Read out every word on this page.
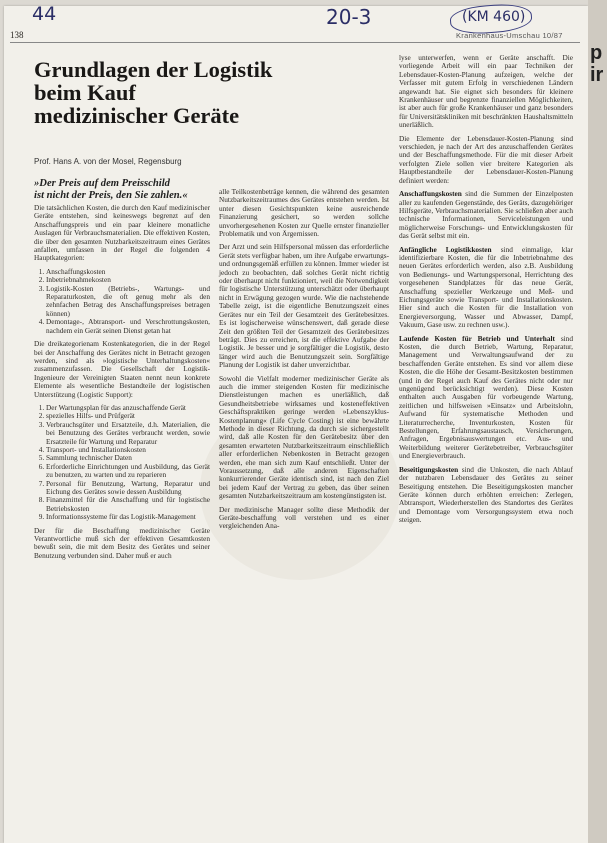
p
ir
44	20-3	(KM 460)
138	Krankenhaus-Umschau 10/87
Grundlagen der Logistik
beim Kauf
medizinischer Geräte
Prof. Hans A. von der Mosel, Regensburg
»Der Preis auf dem Preisschild
ist nicht der Preis, den Sie zahlen.«

Die tatsächlichen Kosten, die durch den Kauf medizinischer Geräte entstehen, sind keineswegs begrenzt auf den Anschaffungspreis und ein paar kleinere monatliche Auslagen für Verbrauchsmaterialien. Die effektiven Kosten, die über den gesamten Nutzbarkeitszeitraum eines Gerätes anfallen, umfassen in der Regel die folgenden 4 Hauptkategorien:

1. Anschaffungskosten
2. Inbetriebnahmekosten
3. Logistik-Kosten (Betriebs-, Wartungs- und Reparaturkosten, die oft genug mehr als den zehnfachen Betrag des Anschaffungspreises betragen können)
4. Demontage-, Abtransport- und Verschrottungskosten, nachdem ein Gerät seinen Dienst getan hat

Die dreikategorienam Kostenkategorien, die in der Regel bei der Anschaffung des Gerätes nicht in Betracht gezogen werden, sind als »logistische Unterhaltungskosten« zusammenzufassen. Die Gesellschaft der Logistik-Ingenieure der Vereinigten Staaten nennt neun konkrete Elemente als wesentliche Bestandteile der logistischen Unterstützung (Logistic Support):

1. Der Wartungsplan für das anzuschaffende Gerät
2. spezielles Hilfs- und Prüfgerät
3. Verbrauchsgüter und Ersatzteile, d.h. Materialien, die bei Benutzung des Gerätes verbraucht werden, sowie Ersatzteile für Wartung und Reparatur
4. Transport- und Installationskosten
5. Sammlung technischer Daten
6. Erforderliche Einrichtungen und Ausbildung, das Gerät zu benutzen, zu warten und zu reparieren
7. Personal für Benutzung, Wartung, Reparatur und Eichung des Gerätes sowie dessen Ausbildung
8. Finanzmittel für die Anschaffung und für logistische Betriebskosten
9. Informationssysteme für das Logistik-Management

Der für die Beschaffung medizinischer Geräte Verantwortliche muß sich der effektiven Gesamtkosten bewußt sein, die mit dem Besitz des Gerätes und seiner Benutzung verbunden sind. Daher muß er auch

alle Teilkostenbeträge kennen, die während des gesamten Nutzbarkeitszeitraumes des Gerätes entstehen werden. Ist unter diesen Gesichtspunkten keine ausreichende Finanzierung gesichert, so werden sollche unvorhergesehenen Kosten zur Quelle ernster finanzieller Problematik und von Ärgernissen.

Der Arzt und sein Hilfspersonal müssen das erforderliche Gerät stets verfügbar haben, um ihre Aufgabe erwartungs- und ordnungsgemäß erfüllen zu können. Immer wieder ist jedoch zu beobachten, daß solches Gerät nicht richtig oder überhaupt nicht funktioniert, weil die Notwendigkeit für logistische Unterstützung unterschätzt oder überhaupt nicht in Erwägung gezogen wurde. Wie die nachstehende Tabelle zeigt, ist die eigentliche Benutzungszeit eines Gerätes nur ein Teil der Gesamtzeit des Gerätebesitzes. Es ist logischerweise wünschenswert, daß gerade diese Zeit den größten Teil der Gesamtzeit des Gerätebesitzes beträgt. Dies zu erreichen, ist die effektive Aufgabe der Logistik. Je besser und je sorgfältiger die Logistik, desto länger wird auch die Benutzungszeit sein. Sorgfältige Planung der Logistik ist daher unverzichtbar.

Sowohl die Vielfalt moderner medizinischer Geräte als auch die immer steigenden Kosten für medizinische Dienstleistungen machen es unerläßlich, daß Gesundheitsbetriebe wirksames und kosteneffektiven Geschäftspraktiken geringe werden »Lebenszyklus-Kostenplanung« (Life Cycle Costing) ist eine bewährte Methode in dieser Richtung, da durch sie sichergestellt wird, daß alle Kosten für den Gerätebesitz über den gesamten erwarteten Nutzbarkeitszeitraum einschließlich aller erforderlichen Nebenkosten in Betracht gezogen werden, ehe man sich zum Kauf entschließt. Unter der Voraussetzung, daß alle anderen Eigenschaften konkurrierender Geräte identisch sind, ist nach den Ziel bei jedem Kauf der Vertrag zu geben, das über seinen gesamten Nutzbarkeitszeitraum am kostengünstigsten ist.

Der medizinische Manager sollte diese Methodik der Geräte-beschaffung voll verstehen und es einer vergleichenden Ana-

lyse unterwerfen, wenn er Geräte anschafft. Die vorliegende Arbeit will ein paar Techniken der Lebensdauer-Kosten-Planung aufzeigen, welche der Verfasser mit gutem Erfolg in verschiedenen Ländern angewandt hat. Sie eignet sich besonders für kleinere Krankenhäuser und begrenzte finanziellen Möglichkeiten, ist aber auch für große Krankenhäuser und ganz besonders für Universitätskliniken mit beschränkten Haushaltsmitteln unerläßlich.

Die Elemente der Lebensdauer-Kosten-Planung sind verschieden, je nach der Art des anzuschaffenden Gerätes und der Beschaffungsmethode. Für die mit dieser Arbeit verfolgten Ziele sollen vier breitere Kategorien als Hauptbestandteile der Lebensdauer-Kosten-Planung definiert werden:

Anschaffungskosten sind die Summen der Einzelposten aller zu kaufenden Gegenstände, des Geräts, dazugehöriger Hilfsgeräte, Verbrauchsmaterialien. Sie schließen aber auch technische Informationen, Serviceleistungen und möglicherweise Forschungs- und Entwicklungskosten für das Gerät selbst mit ein.

Anfängliche Logistikkosten sind einmalige, klar identifizierbare Kosten, die für die Inbetriebnahme des neuen Gerätes erforderlich werden, also z.B. Ausbildung von Bedienungs- und Wartungspersonal, Herrichtung des vorgesehenen Standplatzes für das neue Gerät, Anschaffung spezieller Werkzeuge und Meß- und Eichungsgeräte sowie Transport- und Installationskosten. Hier sind auch die Kosten für die Installation von Energieversorgung, Wasser und Abwasser, Dampf, Vakuum, Gase usw. zu rechnen usw.).

Laufende Kosten für Betrieb und Unterhalt sind Kosten, die durch Betrieb, Wartung, Reparatur, Management und Verwaltungsaufwand der zu beschaffenden Geräte entstehen. Es sind vor allem diese Kosten, die die Höhe der Gesamt-Besitzkosten bestimmen (und in der Regel auch Kauf des Gerätes nicht oder nur ungenügend berücksichtigt werden). Diese Kosten enthalten auch Ausgaben für vorbeugende Wartung, zeitlichen und hilfsweisen »Einsatz« und Arbeitslohn, Aufwand für systematische Methoden und Literaturrecherche, Inventurkosten, Kosten für Bestellungen, Erfahrungsaustausch, Versicherungen, Anfragen, Ergebnisauswertungen etc. Aus- und Weiterbildung weiterer Gerätebetreiber, Verbrauchsgüter und Energieverbrauch.

Beseitigungskosten sind die Unkosten, die nach Ablauf der nutzbaren Lebensdauer des Gerätes zu seiner Beseitigung entstehen. Die Beseitigungskosten mancher Geräte können durch erhöhten erreichen: Zerlegen, Abtransport, Wiederherstellen des Standortes des Gerätes und Demontage vom Versorgungssystem etwa noch steigen.
